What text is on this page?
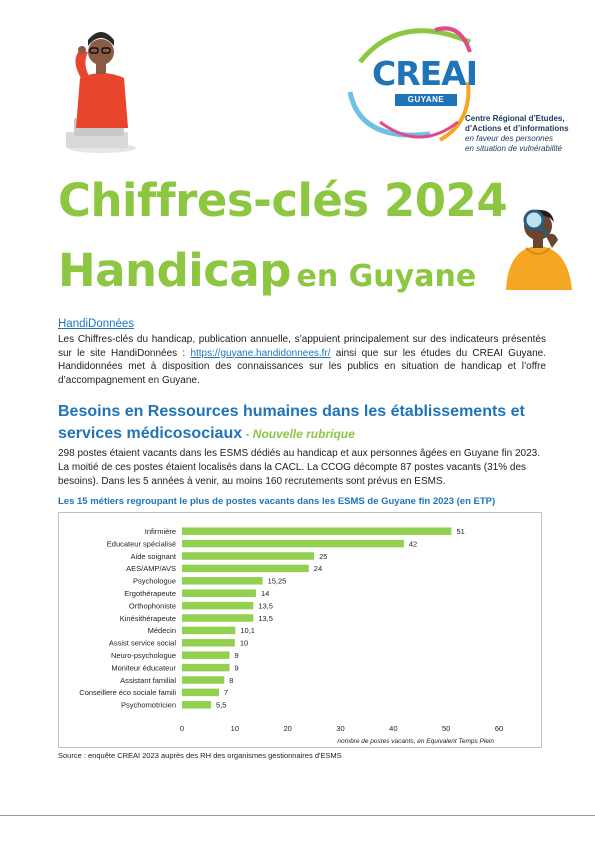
CREAI
GUYANE
Centre Régional d’Etudes,
d’Actions et d’informations
en faveur des personnes
en situation de vulnérabilité
Chiffres-clés 2024
Handicap en Guyane
HandiDonnées
Les Chiffres-clés du handicap, publication annuelle, s’appuient principalement sur des indicateurs présentés sur le site HandiDonnées : https://guyane.handidonnees.fr/ ainsi que sur les études du CREAI Guyane. Handidonnées met à disposition des connaissances sur les publics en situation de handicap et l’offre d’accompagnement en Guyane.
Besoins en Ressources humaines dans les établissements et services médicosociaux - Nouvelle rubrique
298 postes étaient vacants dans les ESMS dédiés au handicap et aux personnes âgées en Guyane fin 2023. La moitié de ces postes étaient localisés dans la CACL. La CCOG décompte 87 postes vacants (31% des besoins). Dans les 5 années à venir, au moins 160 recrutements sont prévus en ESMS.
Les 15 métiers regroupant le plus de postes vacants dans les ESMS de Guyane fin 2023 (en ETP)
Infirmière	51
Educateur spécialisé	42
Aide soignant	25
AES/AMP/AVS	24
Psychologue	15,25
Ergothérapeute	14
Orthophoniste	13,5
Kinésithérapeute	13,5
Médecin	10,1
Assist service social	10
Neuro-psychologue	9
Moniteur éducateur	9
Assistant familial	8
Conseillere éco sociale famili	7
Psychomotricien	5,5
0	10	20	30	40	50	60
nombre de postes vacants, en Equivalent Temps Plein
Source : enquête CREAI 2023 auprès des RH des organismes gestionnaires d'ESMS
